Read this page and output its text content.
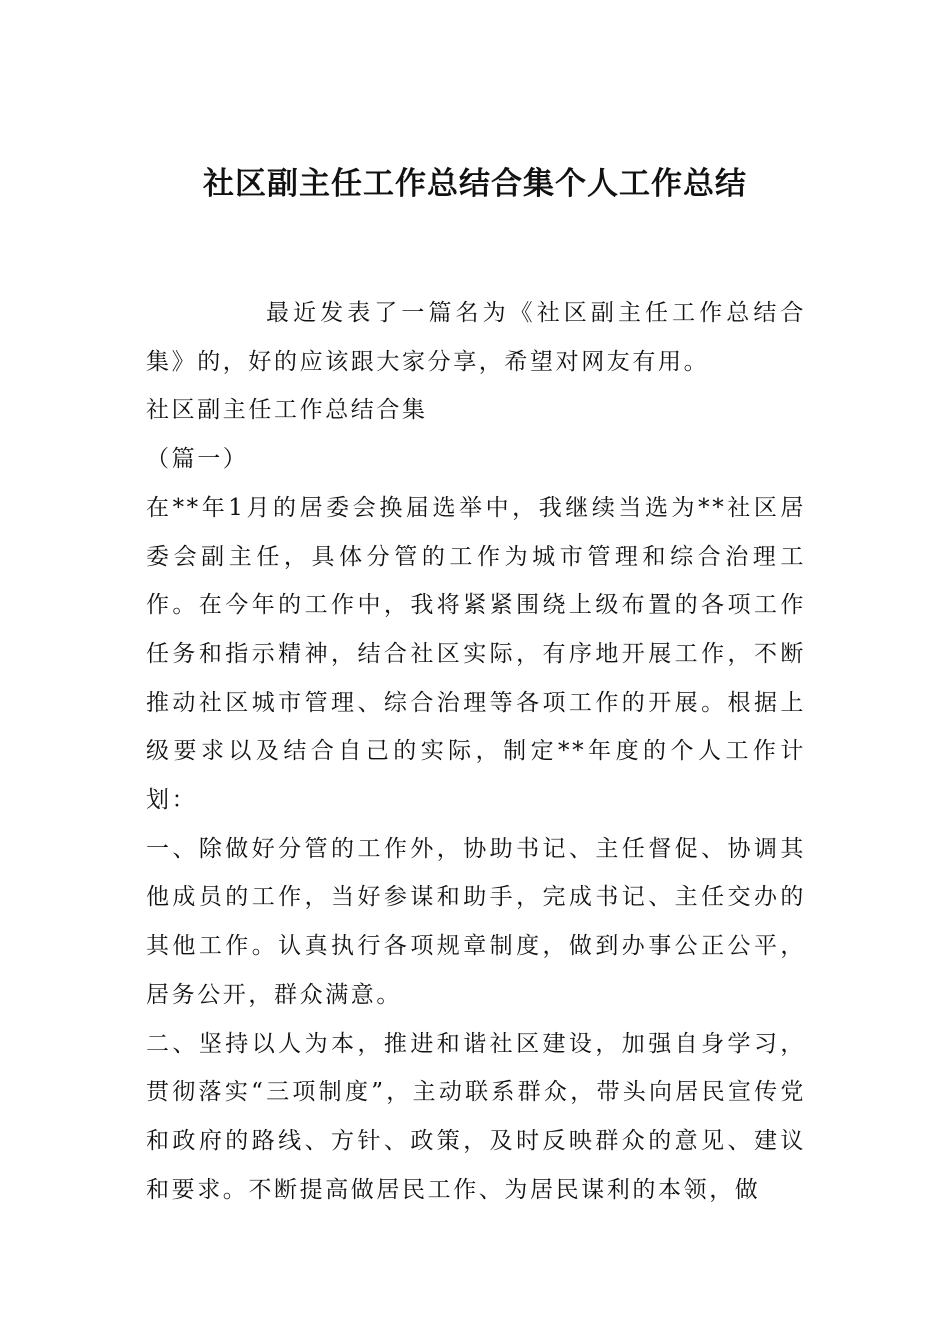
社区副主任工作总结合集个人工作总结

最近发表了一篇名为《社区副主任工作总结合集》的，好的应该跟大家分享，希望对网友有用。

社区副主任工作总结合集

（篇一）

在**年1月的居委会换届选举中，我继续当选为**社区居委会副主任，具体分管的工作为城市管理和综合治理工作。在今年的工作中，我将紧紧围绕上级布置的各项工作任务和指示精神，结合社区实际，有序地开展工作，不断推动社区城市管理、综合治理等各项工作的开展。根据上级要求以及结合自己的实际，制定**年度的个人工作计划：

一、除做好分管的工作外，协助书记、主任督促、协调其他成员的工作，当好参谋和助手，完成书记、主任交办的其他工作。认真执行各项规章制度，做到办事公正公平，居务公开，群众满意。

二、坚持以人为本，推进和谐社区建设，加强自身学习，贯彻落实“三项制度”，主动联系群众，带头向居民宣传党和政府的路线、方针、政策，及时反映群众的意见、建议和要求。不断提高做居民工作、为居民谋利的本领，做
